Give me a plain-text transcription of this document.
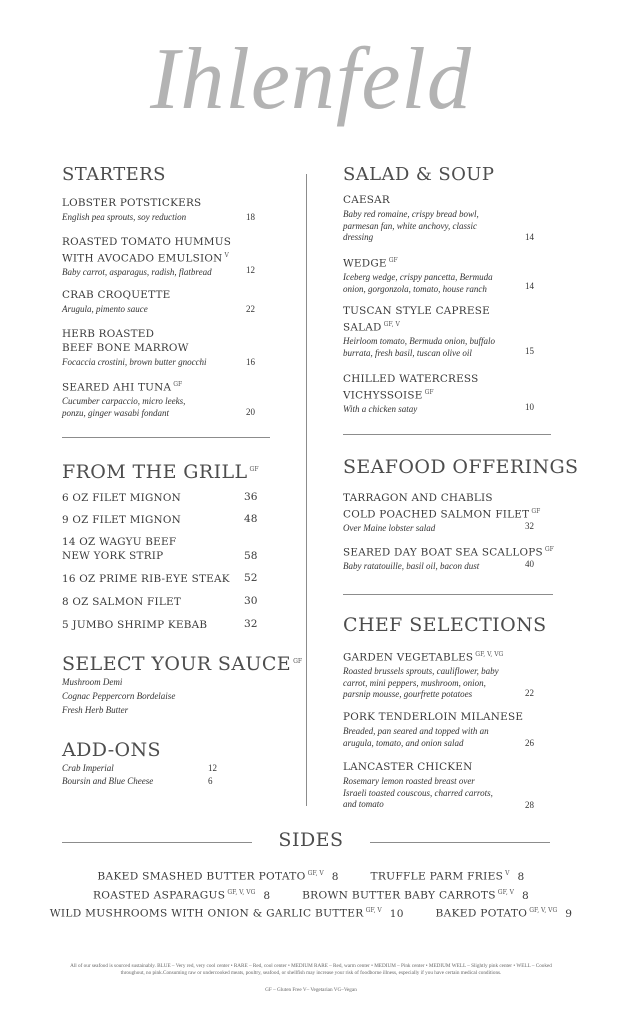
Ihlenfeld
STARTERS
LOBSTER POTSTICKERS
English pea sprouts, soy reduction	18
ROASTED TOMATO HUMMUS
WITH AVOCADO EMULSION $^V$
Baby carrot, asparagus, radish, flatbread	12
CRAB CROQUETTE
Arugula, pimento sauce	22
HERB ROASTED
BEEF BONE MARROW
Focaccia crostini, brown butter gnocchi	16
SEARED AHI TUNA $^{GF}$
Cucumber carpaccio, micro leeks,
ponzu, ginger wasabi fondant	20
FROM THE GRILL $^{GF}$
6 OZ FILET MIGNON	36
9 OZ FILET MIGNON	48
14 OZ WAGYU BEEF
NEW YORK STRIP	58
16 OZ PRIME RIB-EYE STEAK	52
8 OZ SALMON FILET	30
5 JUMBO SHRIMP KEBAB	32
SELECT YOUR SAUCE $^{GF}$
Mushroom Demi
Cognac Peppercorn Bordelaise
Fresh Herb Butter
ADD-ONS
Crab Imperial	12
Boursin and Blue Cheese	6
SALAD & SOUP
CAESAR
Baby red romaine, crispy bread bowl,
parmesan fan, white anchovy, classic
dressing	14
WEDGE $^{GF}$
Iceberg wedge, crispy pancetta, Bermuda
onion, gorgonzola, tomato, house ranch	14
TUSCAN STYLE CAPRESE
SALAD $^{GF, V}$
Heirloom tomato, Bermuda onion, buffalo
burrata, fresh basil, tuscan olive oil	15
CHILLED WATERCRESS
VICHYSSOISE $^{GF}$
With a chicken satay	10
SEAFOOD OFFERINGS
TARRAGON AND CHABLIS
COLD POACHED SALMON FILET $^{GF}$
Over Maine lobster salad	32
SEARED DAY BOAT SEA SCALLOPS $^{GF}$
Baby ratatouille, basil oil, bacon dust	40
CHEF SELECTIONS
GARDEN VEGETABLES $^{GF, V, VG}$
Roasted brussels sprouts, cauliflower, baby
carrot, mini peppers, mushroom, onion,
parsnip mousse, gourfrette potatoes	22
PORK TENDERLOIN MILANESE
Breaded, pan seared and topped with an
arugula, tomato, and onion salad	26
LANCASTER CHICKEN
Rosemary lemon roasted breast over
Israeli toasted couscous, charred carrots,
and tomato	28
SIDES
BAKED SMASHED BUTTER POTATO $^{GF, V}$ 8	TRUFFLE PARM FRIES $^V$ 8
ROASTED ASPARAGUS $^{GF, V, VG}$ 8	BROWN BUTTER BABY CARROTS $^{GF, V}$ 8
WILD MUSHROOMS WITH ONION & GARLIC BUTTER $^{GF, V}$ 10	BAKED POTATO $^{GF, V, VG}$ 9
All of our seafood is sourced sustainably. BLUE – Very red, very cool center • RARE – Red, cool center • MEDIUM RARE – Red, warm center • MEDIUM – Pink center • MEDIUM WELL – Slightly pink center • WELL – Cooked throughout, no pink.Consuming raw or undercooked meats, poultry, seafood, or shellfish may increase your risk of foodborne illness, especially if you have certain medical conditions.
GF – Gluten Free V– Vegetarian VG–Vegan
